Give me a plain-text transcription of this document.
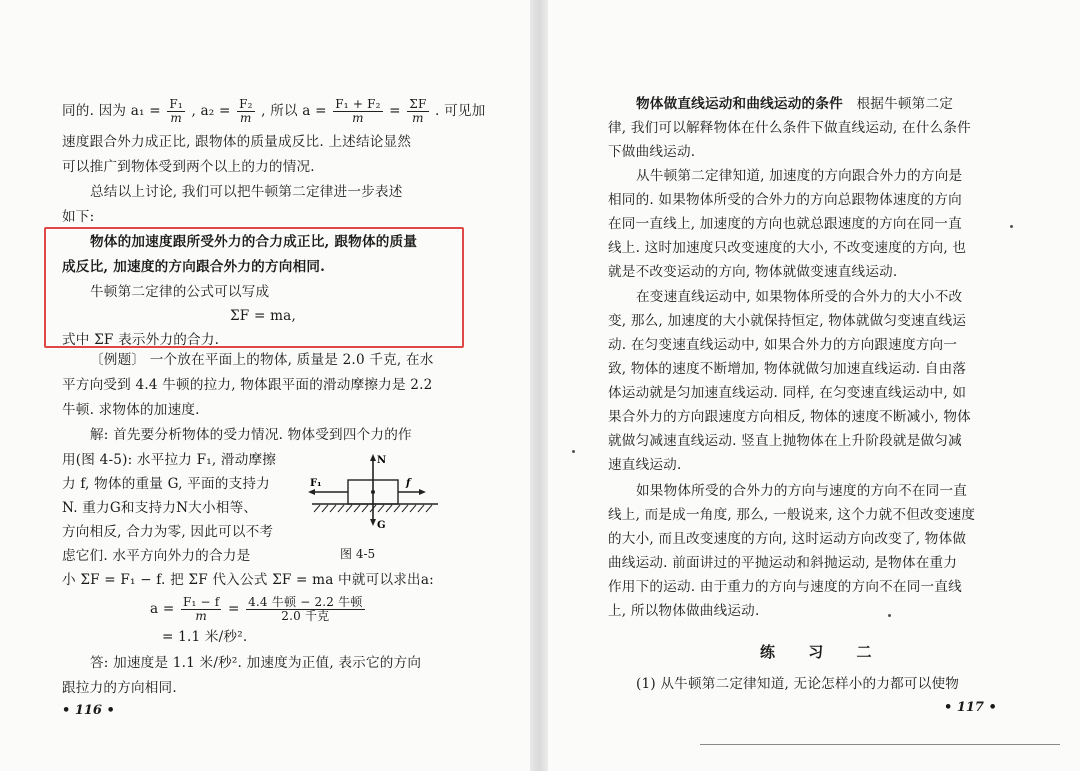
同的. 因为 $a_1 = \frac{\text{F₁}}{m}$ , $a_2 = \frac{\text{F₂}}{m}$ , 所以 $a = \frac{\text{F₁ + F₂}}{m} = \frac{\Sigma F}{m}$ . 可见加
速度跟合外力成正比, 跟物体的质量成反比. 上述结论显然
可以推广到物体受到两个以上的力的情况.
总结以上讨论, 我们可以把牛顿第二定律进一步表述
如下:
物体的加速度跟所受外力的合力成正比, 跟物体的质量
成反比, 加速度的方向跟合外力的方向相同.
牛顿第二定律的公式可以写成
ΣF = ma,
式中 ΣF 表示外力的合力.
〔例题〕 一个放在平面上的物体, 质量是 2.0 千克, 在水
平方向受到 4.4 牛顿的拉力, 物体跟平面的滑动摩擦力是 2.2
牛顿. 求物体的加速度.
解: 首先要分析物体的受力情况. 物体受到四个力的作
用(图 4-5): 水平拉力 F₁, 滑动摩擦
力 f, 物体的重量 G, 平面的支持力
N. 重力G和支持力N大小相等、
方向相反, 合力为零, 因此可以不考
虑它们. 水平方向外力的合力是
小 ΣF = F₁ − f. 把 ΣF 代入公式 ΣF = ma 中就可以求出a:
$a = \frac{\text{F₁ − f}}{m} = \frac{\text{4.4 牛顿 − 2.2 牛顿}}{\text{2.0 千克}}$
= 1.1 米/秒².
答: 加速度是 1.1 米/秒². 加速度为正值, 表示它的方向
跟拉力的方向相同.
• 116 •
N
G
F₁	f
图 4-5
物体做直线运动和曲线运动的条件 根据牛顿第二定
律, 我们可以解释物体在什么条件下做直线运动, 在什么条件
下做曲线运动.
从牛顿第二定律知道, 加速度的方向跟合外力的方向是
相同的. 如果物体所受的合外力的方向总跟物体速度的方向
在同一直线上, 加速度的方向也就总跟速度的方向在同一直
线上. 这时加速度只改变速度的大小, 不改变速度的方向, 也
就是不改变运动的方向, 物体就做变速直线运动.
在变速直线运动中, 如果物体所受的合外力的大小不改
变, 那么, 加速度的大小就保持恒定, 物体就做匀变速直线运
动. 在匀变速直线运动中, 如果合外力的方向跟速度方向一
致, 物体的速度不断增加, 物体就做匀加速直线运动. 自由落
体运动就是匀加速直线运动. 同样, 在匀变速直线运动中, 如
果合外力的方向跟速度方向相反, 物体的速度不断减小, 物体
就做匀减速直线运动. 竖直上抛物体在上升阶段就是做匀减
速直线运动.
如果物体所受的合外力的方向与速度的方向不在同一直
线上, 而是成一角度, 那么, 一般说来, 这个力就不但改变速度
的大小, 而且改变速度的方向, 这时运动方向改变了, 物体做
曲线运动. 前面讲过的平抛运动和斜抛运动, 是物体在重力
作用下的运动. 由于重力的方向与速度的方向不在同一直线
上, 所以物体做曲线运动.
练 习 二
(1) 从牛顿第二定律知道, 无论怎样小的力都可以使物
• 117 •
